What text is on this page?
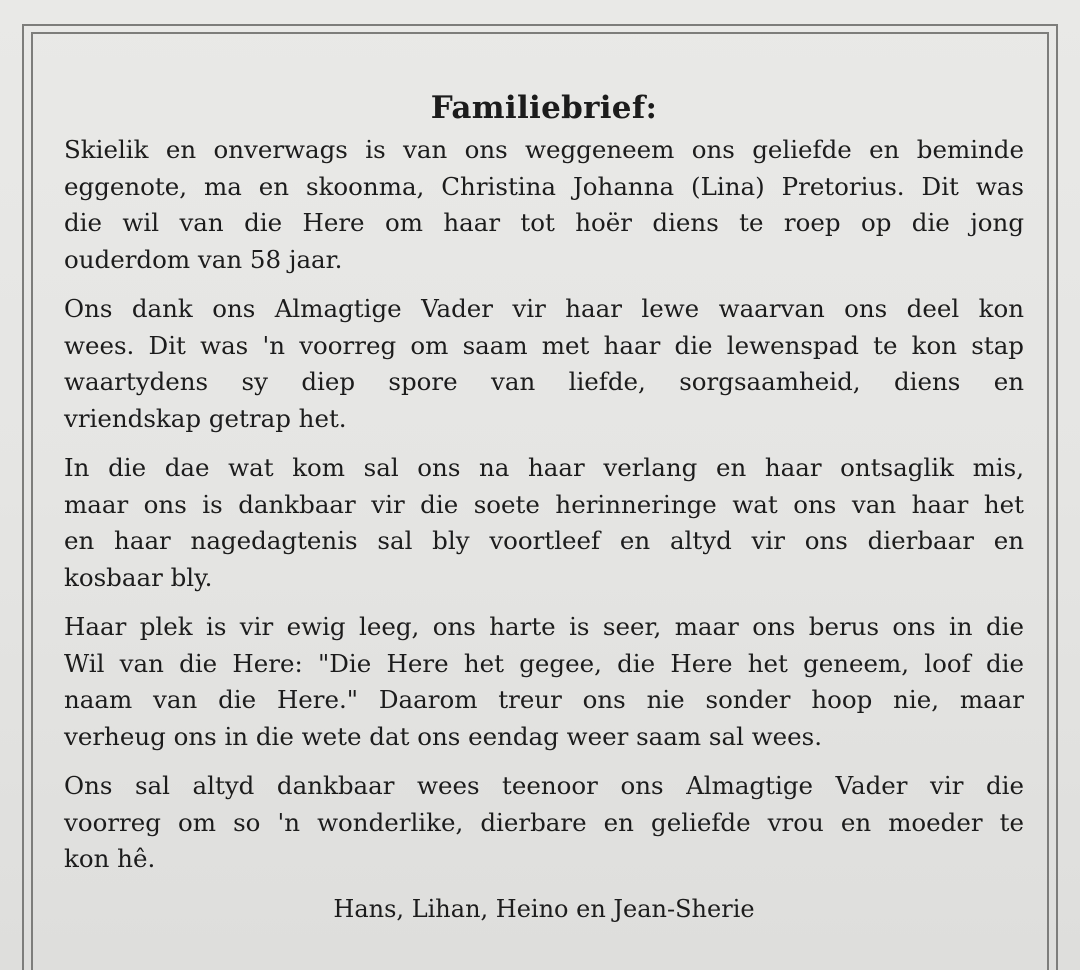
Familiebrief:

Skielik en onverwags is van ons weggeneem ons geliefde en beminde
eggenote, ma en skoonma, Christina Johanna (Lina) Pretorius. Dit was
die wil van die Here om haar tot hoër diens te roep op die jong
ouderdom van 58 jaar.

Ons dank ons Almagtige Vader vir haar lewe waarvan ons deel kon
wees. Dit was 'n voorreg om saam met haar die lewenspad te kon stap
waartydens sy diep spore van liefde, sorgsaamheid, diens en
vriendskap getrap het.

In die dae wat kom sal ons na haar verlang en haar ontsaglik mis,
maar ons is dankbaar vir die soete herinneringe wat ons van haar het
en haar nagedagtenis sal bly voortleef en altyd vir ons dierbaar en
kosbaar bly.

Haar plek is vir ewig leeg, ons harte is seer, maar ons berus ons in die
Wil van die Here: "Die Here het gegee, die Here het geneem, loof die
naam van die Here." Daarom treur ons nie sonder hoop nie, maar
verheug ons in die wete dat ons eendag weer saam sal wees.

Ons sal altyd dankbaar wees teenoor ons Almagtige Vader vir die
voorreg om so 'n wonderlike, dierbare en geliefde vrou en moeder te
kon hê.

Hans, Lihan, Heino en Jean-Sherie
